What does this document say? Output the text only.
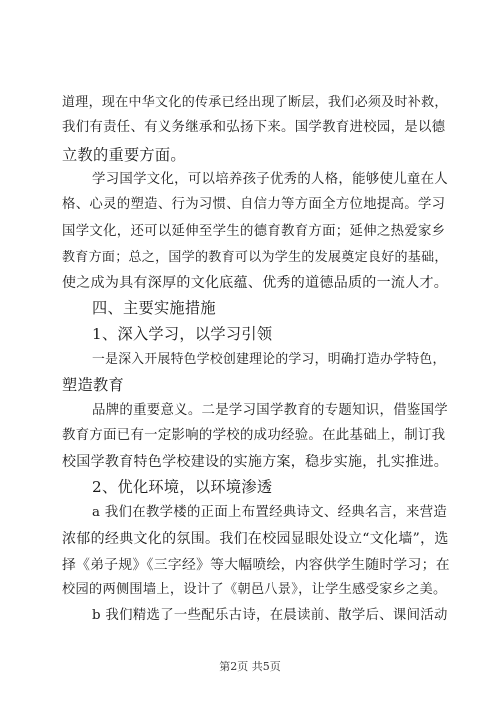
道理，现在中华文化的传承已经出现了断层，我们必须及时补救，
我们有责任、有义务继承和弘扬下来。国学教育进校园，是以德
立教的重要方面。
学习国学文化，可以培养孩子优秀的人格，能够使儿童在人
格、心灵的塑造、行为习惯、自信力等方面全方位地提高。学习
国学文化，还可以延伸至学生的德育教育方面；延伸之热爱家乡
教育方面；总之，国学的教育可以为学生的发展奠定良好的基础，
使之成为具有深厚的文化底蕴、优秀的道德品质的一流人才。
四、主要实施措施
1、深入学习，以学习引领
一是深入开展特色学校创建理论的学习，明确打造办学特色，
塑造教育
品牌的重要意义。二是学习国学教育的专题知识，借鉴国学
教育方面已有一定影响的学校的成功经验。在此基础上，制订我
校国学教育特色学校建设的实施方案，稳步实施，扎实推进。
2、优化环境，以环境渗透
a 我们在教学楼的正面上布置经典诗文、经典名言，来营造
浓郁的经典文化的氛围。我们在校园显眼处设立“文化墙”，选
择《弟子规》《三字经》等大幅喷绘，内容供学生随时学习；在
校园的两侧围墙上，设计了《朝邑八景》，让学生感受家乡之美。
b 我们精选了一些配乐古诗，在晨读前、散学后、课间活动
第2页 共5页
